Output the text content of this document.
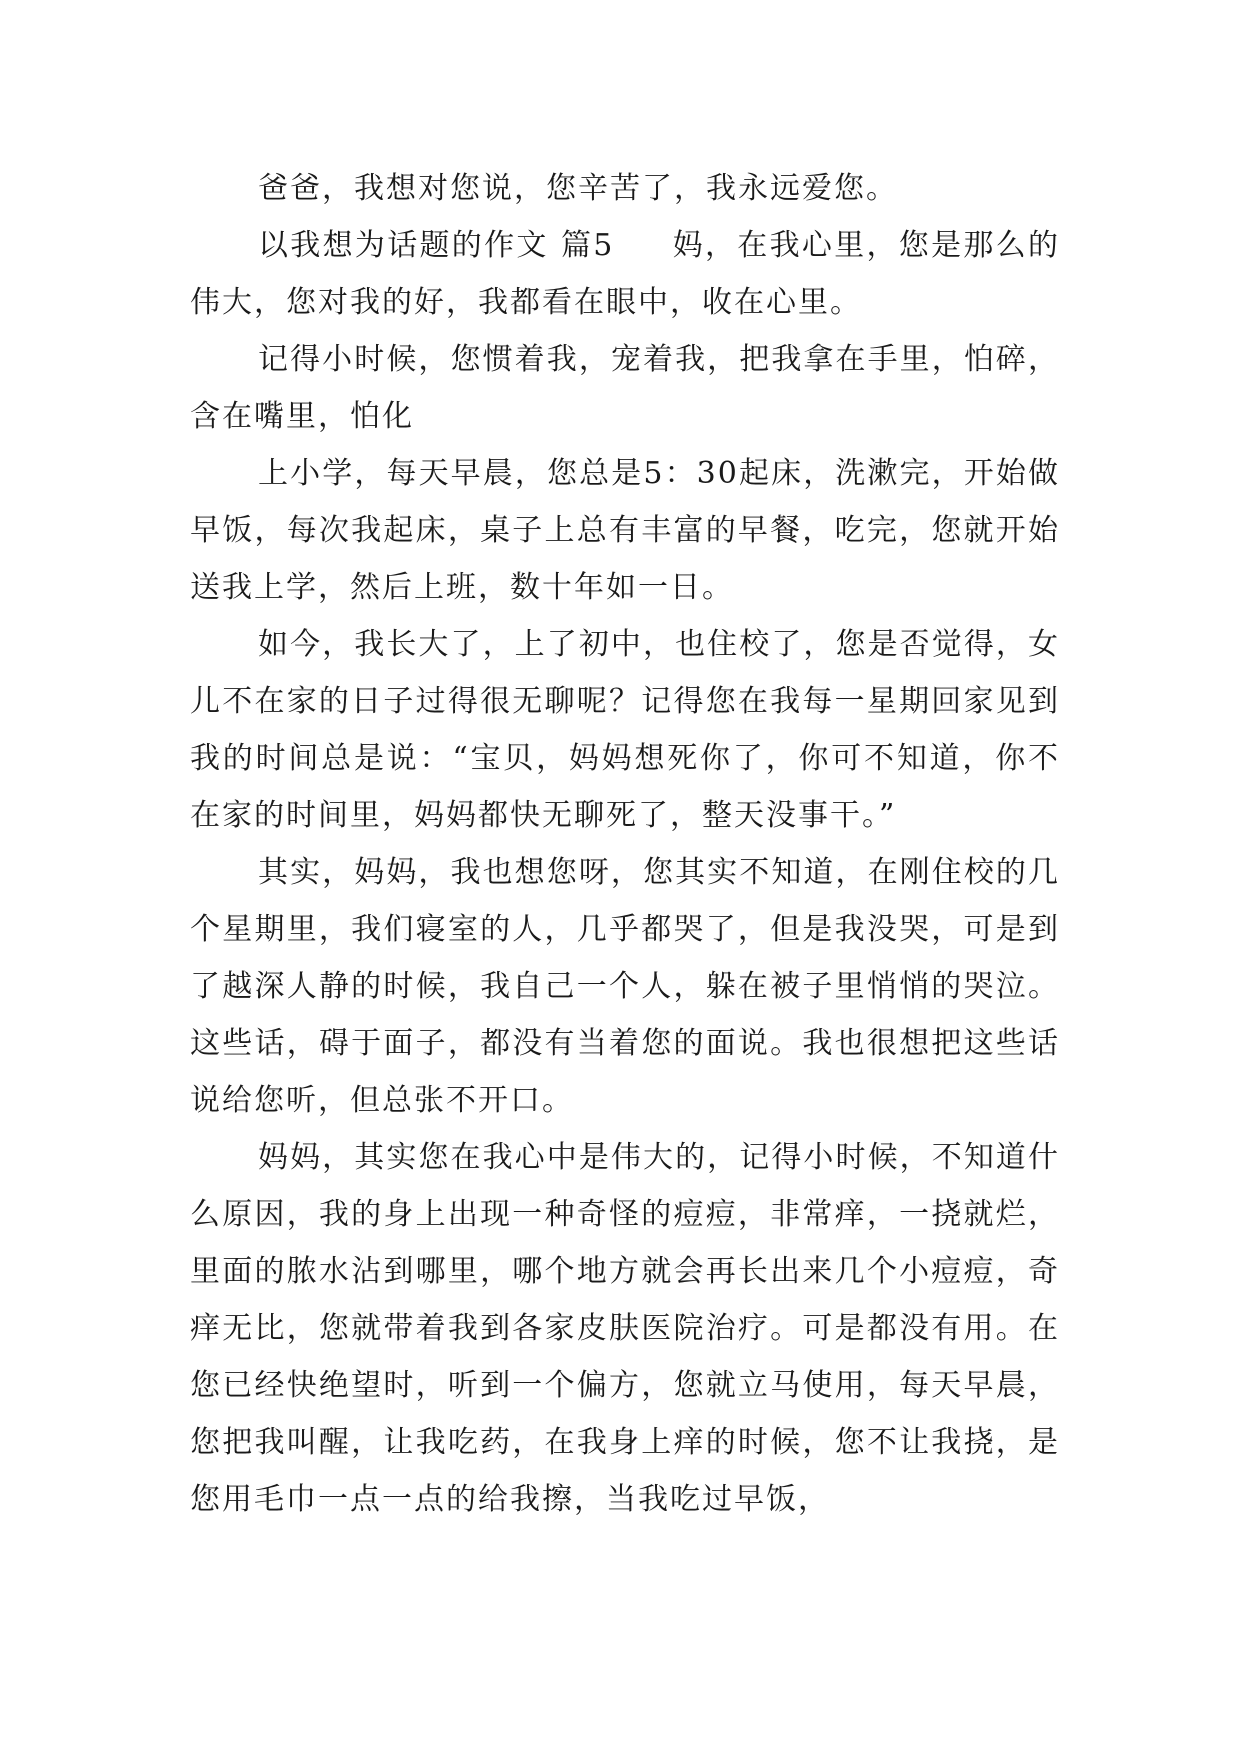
爸爸，我想对您说，您辛苦了，我永远爱您。

以我想为话题的作文 篇5 妈，在我心里，您是那么的伟大，您对我的好，我都看在眼中，收在心里。

记得小时候，您惯着我，宠着我，把我拿在手里，怕碎，含在嘴里，怕化

上小学，每天早晨，您总是5：30起床，洗漱完，开始做早饭，每次我起床，桌子上总有丰富的早餐，吃完，您就开始送我上学，然后上班，数十年如一日。

如今，我长大了，上了初中，也住校了，您是否觉得，女儿不在家的日子过得很无聊呢？记得您在我每一星期回家见到我的时间总是说：“宝贝，妈妈想死你了，你可不知道，你不在家的时间里，妈妈都快无聊死了，整天没事干。”

其实，妈妈，我也想您呀，您其实不知道，在刚住校的几个星期里，我们寝室的人，几乎都哭了，但是我没哭，可是到了越深人静的时候，我自己一个人，躲在被子里悄悄的哭泣。这些话，碍于面子，都没有当着您的面说。我也很想把这些话说给您听，但总张不开口。

妈妈，其实您在我心中是伟大的，记得小时候，不知道什么原因，我的身上出现一种奇怪的痘痘，非常痒，一挠就烂，里面的脓水沾到哪里，哪个地方就会再长出来几个小痘痘，奇痒无比，您就带着我到各家皮肤医院治疗。可是都没有用。在您已经快绝望时，听到一个偏方，您就立马使用，每天早晨，您把我叫醒，让我吃药，在我身上痒的时候，您不让我挠，是您用毛巾一点一点的给我擦，当我吃过早饭，
